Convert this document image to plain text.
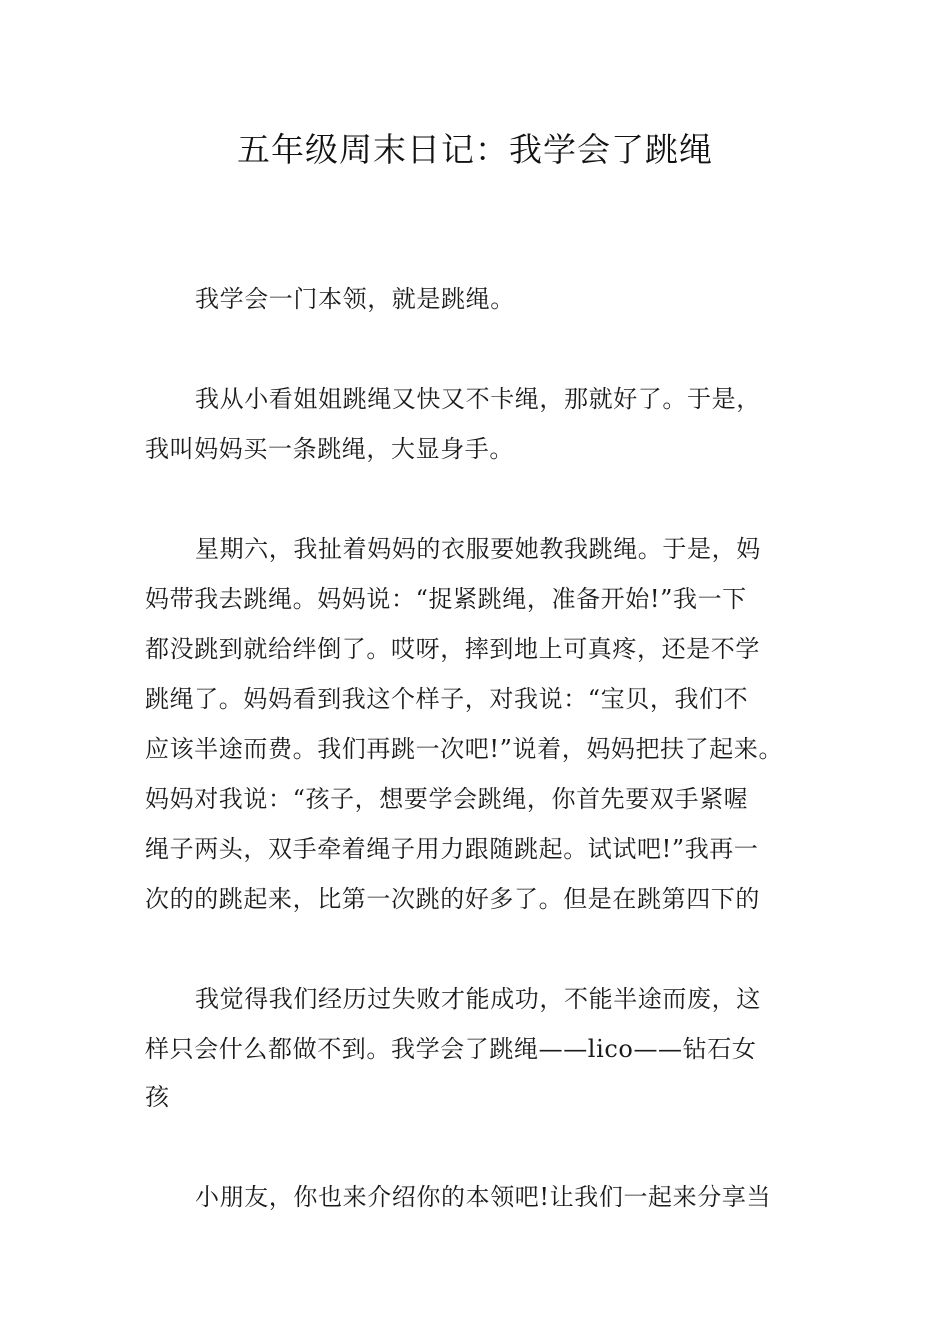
五年级周末日记：我学会了跳绳
我学会一门本领，就是跳绳。
我从小看姐姐跳绳又快又不卡绳，那就好了。于是，
我叫妈妈买一条跳绳，大显身手。
星期六，我扯着妈妈的衣服要她教我跳绳。于是，妈
妈带我去跳绳。妈妈说：“捉紧跳绳，准备开始!”我一下
都没跳到就给绊倒了。哎呀，摔到地上可真疼，还是不学
跳绳了。妈妈看到我这个样子，对我说：“宝贝，我们不
应该半途而费。我们再跳一次吧!”说着，妈妈把扶了起来。
妈妈对我说：“孩子，想要学会跳绳，你首先要双手紧喔
绳子两头，双手牵着绳子用力跟随跳起。试试吧!”我再一
次的的跳起来，比第一次跳的好多了。但是在跳第四下的
我觉得我们经历过失败才能成功，不能半途而废，这
样只会什么都做不到。我学会了跳绳——lico——钻石女
孩
小朋友，你也来介绍你的本领吧!让我们一起来分享当
